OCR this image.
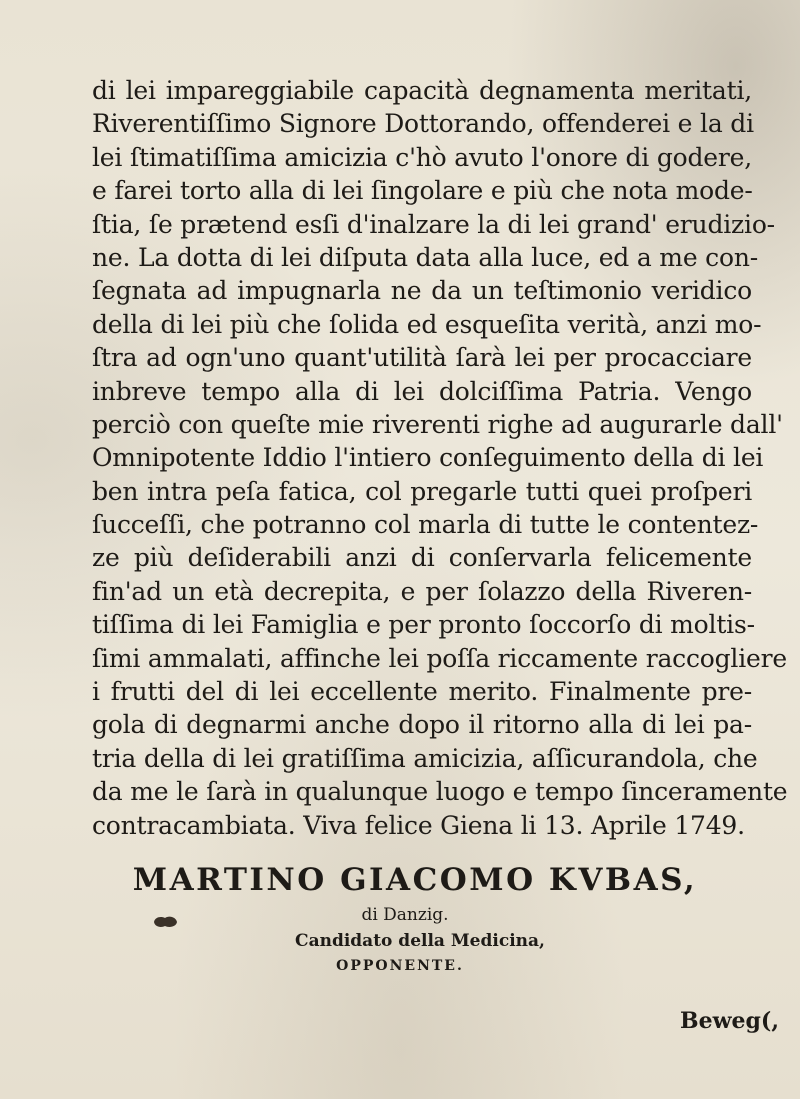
di lei impareggiabile capacità degnamenta meritati,
Riverentiſſimo Signore Dottorando, offenderei e la di
lei ſtimatiſſima amicizia c'hò avuto l'onore di godere,
e farei torto alla di lei ſingolare e più che nota mode-
ſtia, ſe prætend esſi d'inalzare la di lei grand' erudizio-
ne. La dotta di lei diſputa data alla luce, ed a me con-
ſegnata ad impugnarla ne da un teſtimonio veridico
della di lei più che ſolida ed esqueſita verità, anzi mo-
ſtra ad ogn'uno quant'utilità ſarà lei per procacciare
inbreve tempo alla di lei dolciſſima Patria. Vengo
perciò con queſte mie riverenti righe ad augurarle dall'
Omnipotente Iddio l'intiero conſeguimento della di lei
ben intra peſa fatica, col pregarle tutti quei proſperi
ſucceſſi, che potranno col marla di tutte le contentez-
ze più deſiderabili anzi di conſervarla felicemente
fin'ad un età decrepita, e per ſolazzo della Riveren-
tiſſima di lei Famiglia e per pronto ſoccorſo di moltis-
ſimi ammalati, affinche lei poſſa riccamente raccogliere
i frutti del di lei eccellente merito. Finalmente pre-
gola di degnarmi anche dopo il ritorno alla di lei pa-
tria della di lei gratiſſima amicizia, aſſicurandola, che
da me le ſarà in qualunque luogo e tempo ſinceramente
contracambiata. Viva felice Giena li 13. Aprile 1749.
MARTINO GIACOMO KVBAS,
di Danzig.
Candidato della Medicina,
OPPONENTE.
Beweg(,
